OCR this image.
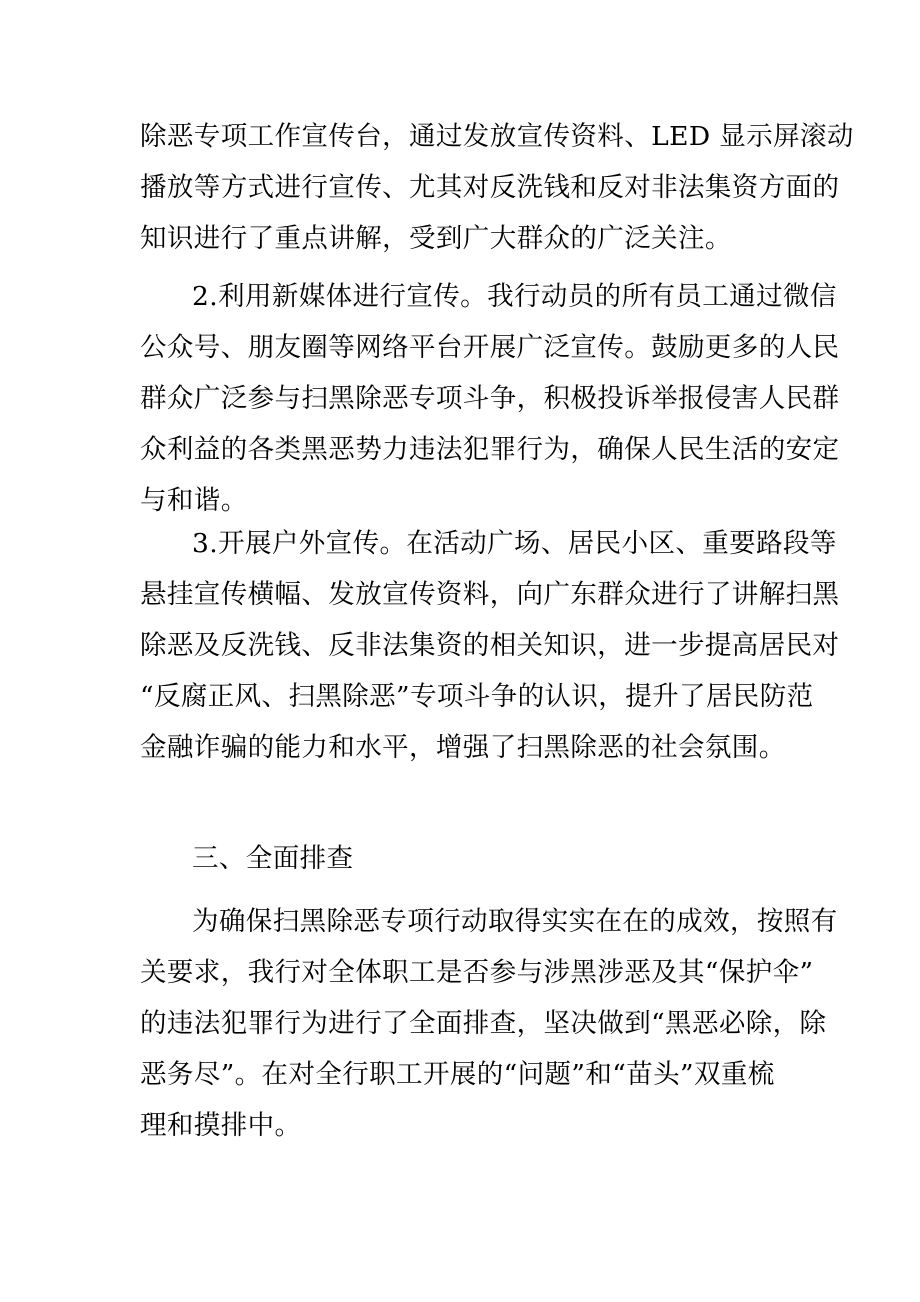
除恶专项工作宣传台，通过发放宣传资料、LED 显示屏滚动
播放等方式进行宣传、尤其对反洗钱和反对非法集资方面的
知识进行了重点讲解，受到广大群众的广泛关注。

2.利用新媒体进行宣传。我行动员的所有员工通过微信
公众号、朋友圈等网络平台开展广泛宣传。鼓励更多的人民
群众广泛参与扫黑除恶专项斗争，积极投诉举报侵害人民群
众利益的各类黑恶势力违法犯罪行为，确保人民生活的安定
与和谐。

3.开展户外宣传。在活动广场、居民小区、重要路段等
悬挂宣传横幅、发放宣传资料，向广东群众进行了讲解扫黑
除恶及反洗钱、反非法集资的相关知识，进一步提高居民对
“反腐正风、扫黑除恶”专项斗争的认识，提升了居民防范
金融诈骗的能力和水平，增强了扫黑除恶的社会氛围。

三、全面排查

为确保扫黑除恶专项行动取得实实在在的成效，按照有
关要求，我行对全体职工是否参与涉黑涉恶及其“保护伞”
的违法犯罪行为进行了全面排查，坚决做到“黑恶必除，除
恶务尽”。在对全行职工开展的“问题”和“苗头”双重梳
理和摸排中。
